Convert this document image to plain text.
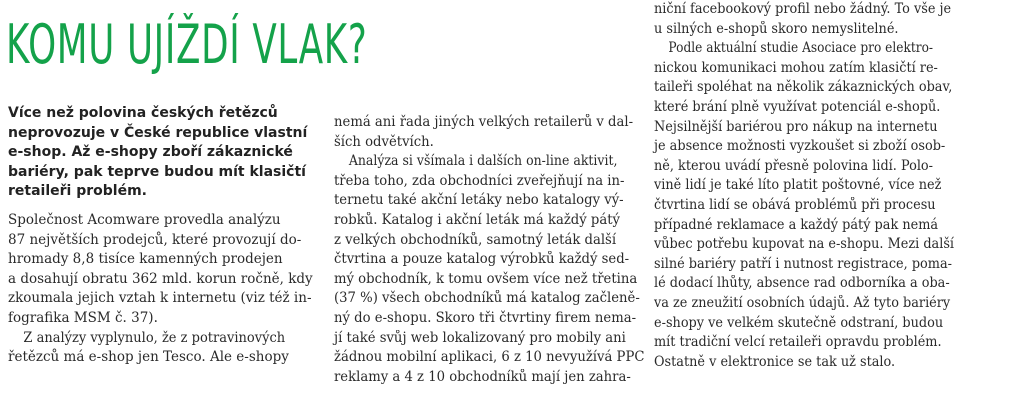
KOMU UJÍŽDÍ VLAK?
Více než polovina českých řetězců
neprovozuje v České republice vlastní
e-shop. Až e-shopy zboří zákaznické
bariéry, pak teprve budou mít klasičtí
retaileři problém.
Společnost Acomware provedla analýzu
87 největších prodejců, které provozují do-
hromady 8,8 tisíce kamenných prodejen
a dosahují obratu 362 mld. korun ročně, kdy
zkoumala jejich vztah k internetu (viz též in-
fografika MSM č. 37).
Z analýzy vyplynulo, že z potravinových
řetězců má e-shop jen Tesco. Ale e-shopy
nemá ani řada jiných velkých retailerů v dal-
ších odvětvích.
Analýza si všímala i dalších on-line aktivit,
třeba toho, zda obchodníci zveřejňují na in-
ternetu také akční letáky nebo katalogy vý-
robků. Katalog i akční leták má každý pátý
z velkých obchodníků, samotný leták další
čtvrtina a pouze katalog výrobků každý sed-
mý obchodník, k tomu ovšem více než třetina
(37 %) všech obchodníků má katalog začleně-
ný do e-shopu. Skoro tři čtvrtiny firem nema-
jí také svůj web lokalizovaný pro mobily ani
žádnou mobilní aplikaci, 6 z 10 nevyužívá PPC
reklamy a 4 z 10 obchodníků mají jen zahra-
niční facebookový profil nebo žádný. To vše je
u silných e-shopů skoro nemyslitelné.
Podle aktuální studie Asociace pro elektro-
nickou komunikaci mohou zatím klasičtí re-
taileři spoléhat na několik zákaznických obav,
které brání plně využívat potenciál e-shopů.
Nejsilnější bariérou pro nákup na internetu
je absence možnosti vyzkoušet si zboží osob-
ně, kterou uvádí přesně polovina lidí. Polo-
vině lidí je také líto platit poštovné, více než
čtvrtina lidí se obává problémů při procesu
případné reklamace a každý pátý pak nemá
vůbec potřebu kupovat na e-shopu. Mezi další
silné bariéry patří i nutnost registrace, poma-
lé dodací lhůty, absence rad odborníka a oba-
va ze zneužití osobních údajů. Až tyto bariéry
e-shopy ve velkém skutečně odstraní, budou
mít tradiční velcí retaileři opravdu problém.
Ostatně v elektronice se tak už stalo.
